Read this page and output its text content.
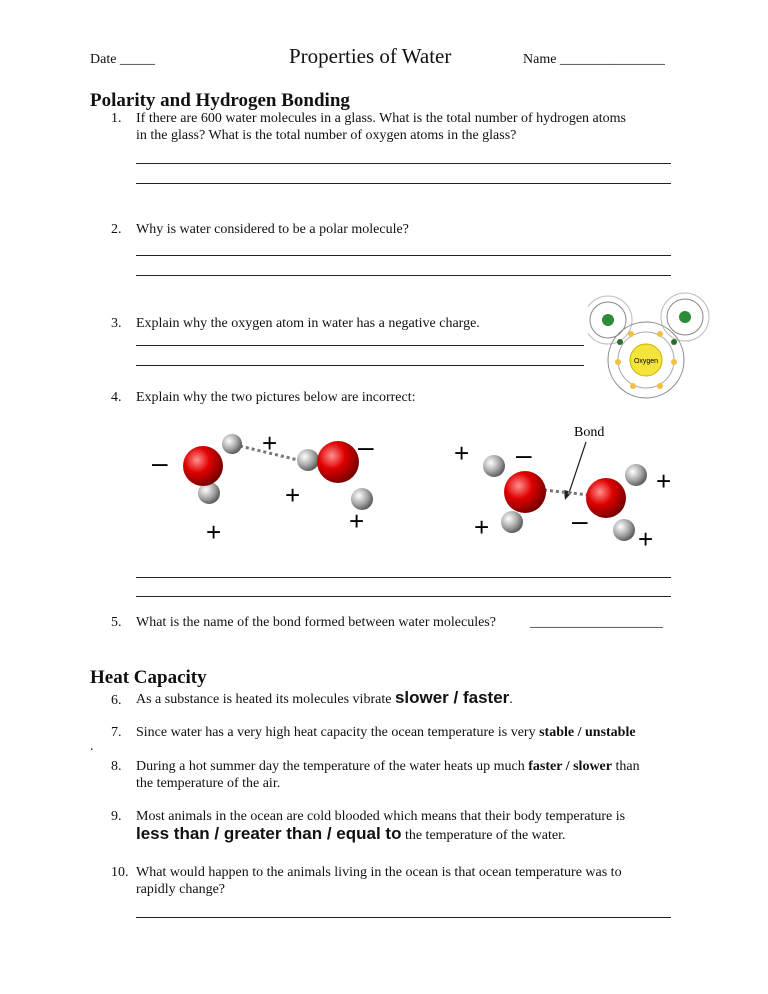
Date _____	Properties of Water	Name _______________
Polarity and Hydrogen Bonding
1. If there are 600 water molecules in a glass. What is the total number of hydrogen atoms
in the glass? What is the total number of oxygen atoms in the glass?
2. Why is water considered to be a polar molecule?
3. Explain why the oxygen atom in water has a negative charge.
Oxygen
4. Explain why the two pictures below are incorrect:
–
+	–
+
+	+
Bond
+ –
+
–
+	+
5. What is the name of the bond formed between water molecules? ___________________
Heat Capacity
6. As a substance is heated its molecules vibrate slower / faster.
7. Since water has a very high heat capacity the ocean temperature is very stable / unstable
.
8. During a hot summer day the temperature of the water heats up much faster / slower than
the temperature of the air.
9. Most animals in the ocean are cold blooded which means that their body temperature is
less than / greater than / equal to the temperature of the water.
10. What would happen to the animals living in the ocean is that ocean temperature was to
rapidly change?
